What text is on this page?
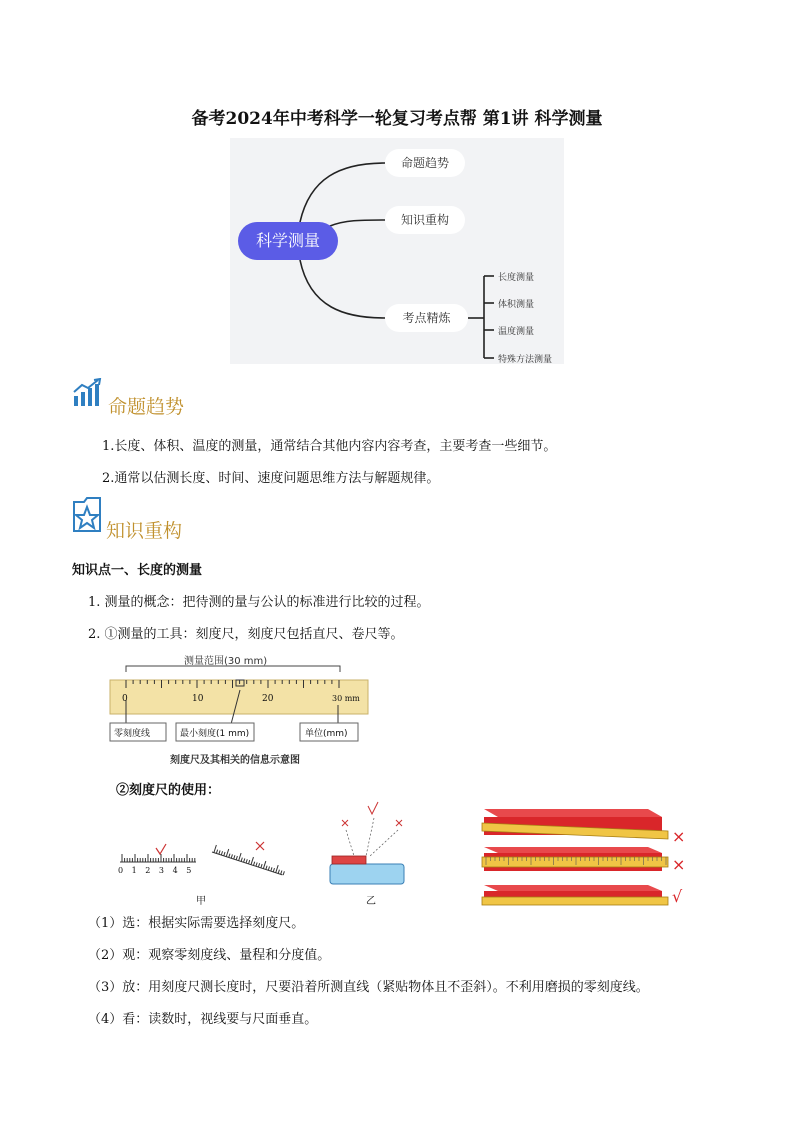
备考2024年中考科学一轮复习考点帮 第1讲 科学测量
科学测量
命题趋势
知识重构
考点精炼
长度测量
体积测量
温度测量
特殊方法测量
命题趋势
1.长度、体积、温度的测量，通常结合其他内容内容考查，主要考查一些细节。
2.通常以估测长度、时间、速度问题思维方法与解题规律。
知识重构
知识点一、长度的测量
1. 测量的概念：把待测的量与公认的标准进行比较的过程。
2. ①测量的工具：刻度尺，刻度尺包括直尺、卷尺等。
测量范围(30 mm)
0	10	20	30 mm
零刻度线	最小刻度(1 mm)	单位(mm)
刻度尺及其相关的信息示意图
②刻度尺的使用：
0 1 2 3 4 5
甲	乙
×
×
√
（1）选：根据实际需要选择刻度尺。
（2）观：观察零刻度线、量程和分度值。
（3）放：用刻度尺测长度时，尺要沿着所测直线（紧贴物体且不歪斜）。不利用磨损的零刻度线。
（4）看：读数时，视线要与尺面垂直。
